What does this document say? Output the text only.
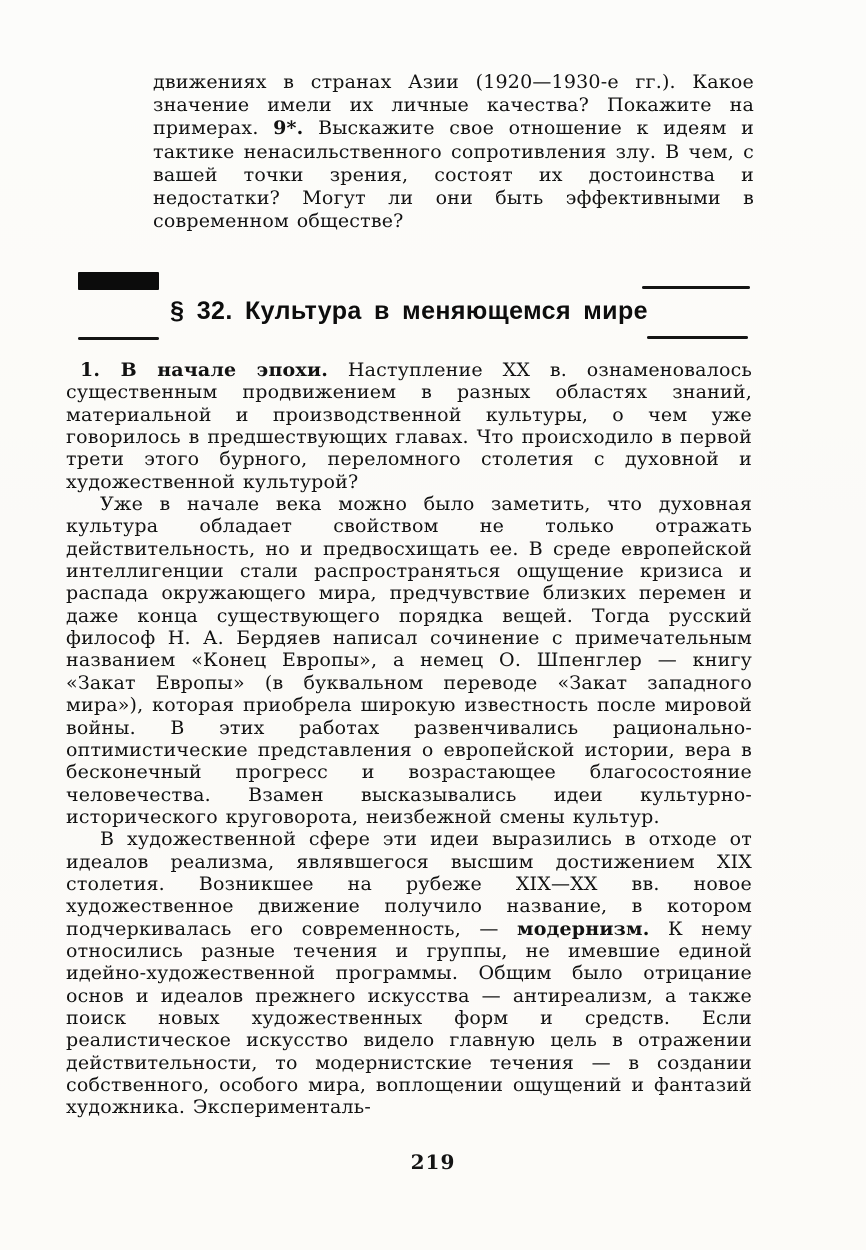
движениях в странах Азии (1920—1930-е гг.). Какое значение имели их личные качества? Покажите на примерах. 9*. Выскажите свое отношение к идеям и тактике ненасильственного сопротивления злу. В чем, с вашей точки зрения, состоят их достоинства и недостатки? Могут ли они быть эффективными в современном обществе?
§ 32. Культура в меняющемся мире

1. В начале эпохи. Наступление XX в. ознаменовалось существенным продвижением в разных областях знаний, материальной и производственной культуры, о чем уже говорилось в предшествующих главах. Что происходило в первой трети этого бурного, переломного столетия с духовной и художественной культурой?

Уже в начале века можно было заметить, что духовная культура обладает свойством не только отражать действительность, но и предвосхищать ее. В среде европейской интеллигенции стали распространяться ощущение кризиса и распада окружающего мира, предчувствие близких перемен и даже конца существующего порядка вещей. Тогда русский философ Н. А. Бердяев написал сочинение с примечательным названием «Конец Европы», а немец О. Шпенглер — книгу «Закат Европы» (в буквальном переводе «Закат западного мира»), которая приобрела широкую известность после мировой войны. В этих работах развенчивались рационально-оптимистические представления о европейской истории, вера в бесконечный прогресс и возрастающее благосостояние человечества. Взамен высказывались идеи культурно-исторического круговорота, неизбежной смены культур.

В художественной сфере эти идеи выразились в отходе от идеалов реализма, являвшегося высшим достижением XIX столетия. Возникшее на рубеже XIX—XX вв. новое художественное движение получило название, в котором подчеркивалась его современность, — модернизм. К нему относились разные течения и группы, не имевшие единой идейно-художественной программы. Общим было отрицание основ и идеалов прежнего искусства — антиреализм, а также поиск новых художественных форм и средств. Если реалистическое искусство видело главную цель в отражении действительности, то модернистские течения — в создании собственного, особого мира, воплощении ощущений и фантазий художника. Эксперименталь-

219
